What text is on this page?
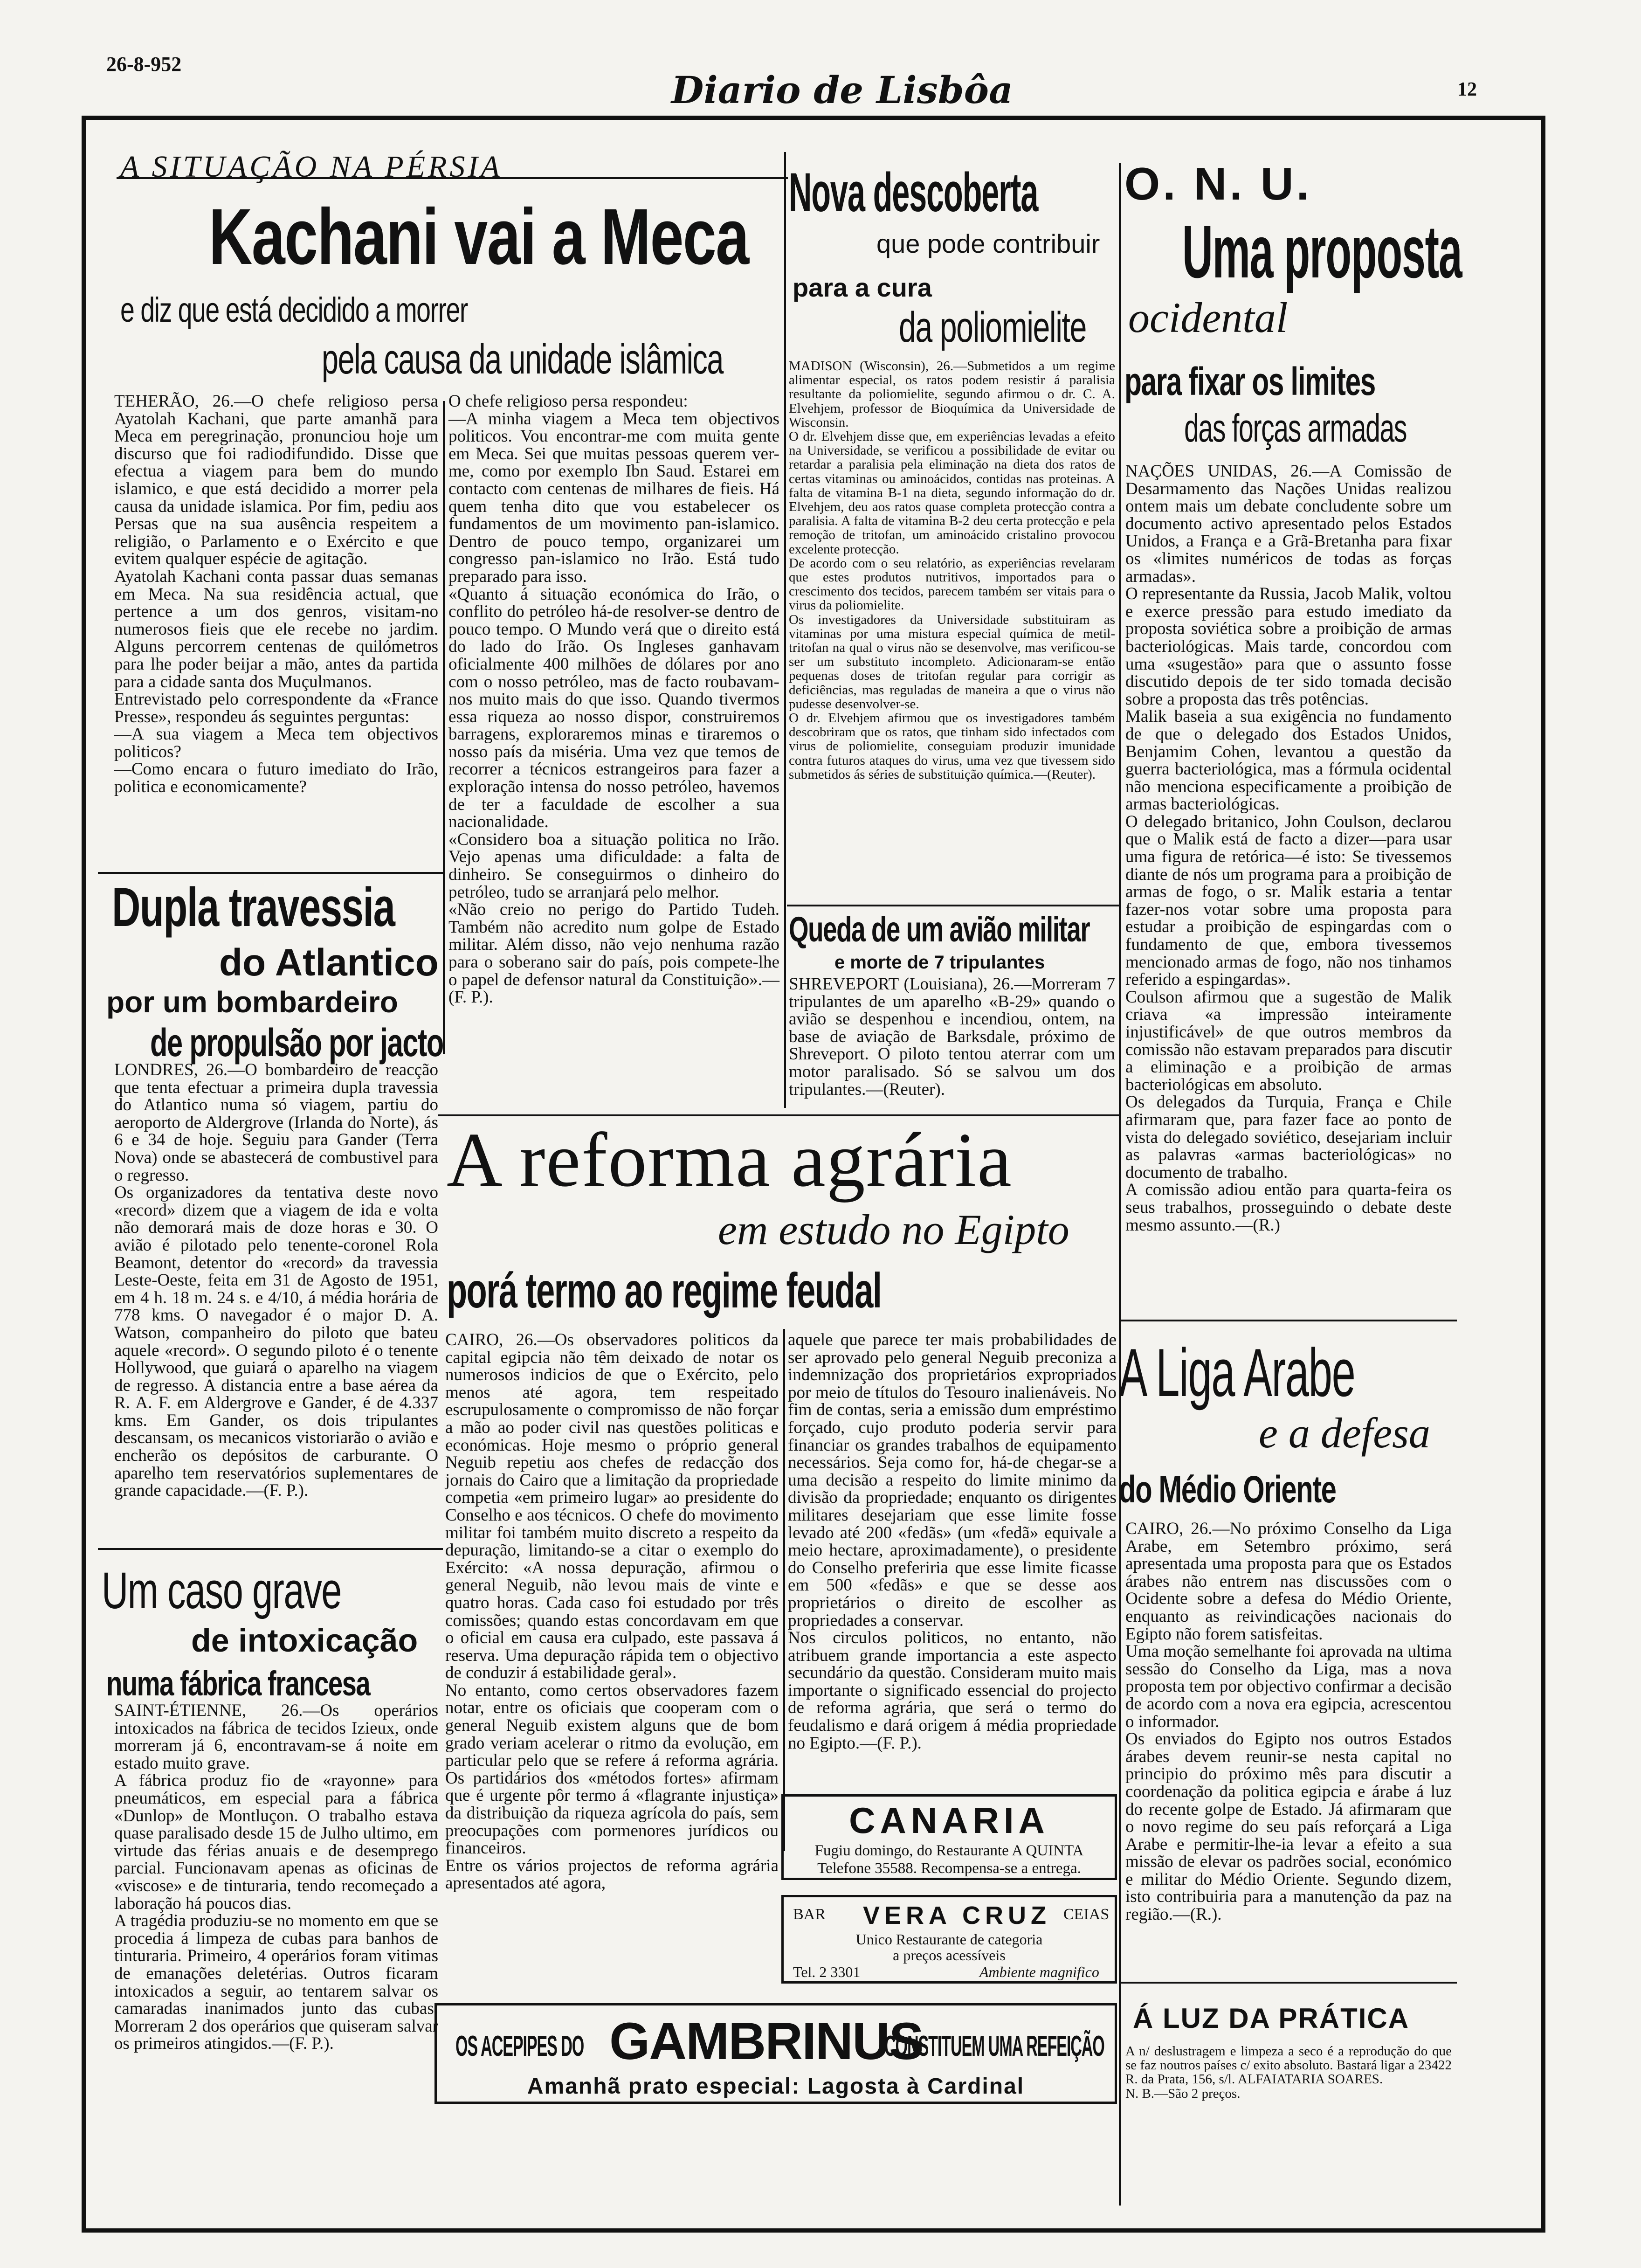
26-8-952
Diario de Lisbôa	12
A SITUAÇÃO NA PÉRSIA
Kachani vai a Meca
e diz que está decidido a morrer
pela causa da unidade islâmica

TEHERÃO, 26.—O chefe religioso persa Ayatolah Kachani, que parte amanhã para Meca em peregrinação, pronunciou hoje um discurso que foi radiodifundido. Disse que efectua a viagem para bem do mundo islamico, e que está decidido a morrer pela causa da unidade islamica. Por fim, pediu aos Persas que na sua ausência respeitem a religião, o Parlamento e o Exército e que evitem qualquer espécie de agitação.
Ayatolah Kachani conta passar duas semanas em Meca. Na sua residência actual, que pertence a um dos genros, visitam-no numerosos fieis que ele recebe no jardim. Alguns percorrem centenas de quilómetros para lhe poder beijar a mão, antes da partida para a cidade santa dos Muçulmanos.
Entrevistado pelo correspondente da «France Presse», respondeu ás seguintes perguntas:
—A sua viagem a Meca tem objectivos politicos?
—Como encara o futuro imediato do Irão, politica e economicamente?

O chefe religioso persa respondeu:
—A minha viagem a Meca tem objectivos politicos. Vou encontrar-me com muita gente em Meca. Sei que muitas pessoas querem ver-me, como por exemplo Ibn Saud. Estarei em contacto com centenas de milhares de fieis. Há quem tenha dito que vou estabelecer os fundamentos de um movimento pan-islamico. Dentro de pouco tempo, organizarei um congresso pan-islamico no Irão. Está tudo preparado para isso.
«Quanto á situação económica do Irão, o conflito do petróleo há-de resolver-se dentro de pouco tempo. O Mundo verá que o direito está do lado do Irão. Os Ingleses ganhavam oficialmente 400 milhões de dólares por ano com o nosso petróleo, mas de facto roubavam-nos muito mais do que isso. Quando tivermos essa riqueza ao nosso dispor, construiremos barragens, exploraremos minas e tiraremos o nosso país da miséria. Uma vez que temos de recorrer a técnicos estrangeiros para fazer a exploração intensa do nosso petróleo, havemos de ter a faculdade de escolher a sua nacionalidade.
«Considero boa a situação politica no Irão. Vejo apenas uma dificuldade: a falta de dinheiro. Se conseguirmos o dinheiro do petróleo, tudo se arranjará pelo melhor.
«Não creio no perigo do Partido Tudeh. Também não acredito num golpe de Estado militar. Além disso, não vejo nenhuma razão para o soberano sair do país, pois compete-lhe o papel de defensor natural da Constituição».—(F. P.).

Dupla travessia
do Atlantico
por um bombardeiro
de propulsão por jacto

LONDRES, 26.—O bombardeiro de reacção que tenta efectuar a primeira dupla travessia do Atlantico numa só viagem, partiu do aeroporto de Aldergrove (Irlanda do Norte), ás 6 e 34 de hoje. Seguiu para Gander (Terra Nova) onde se abastecerá de combustivel para o regresso.
Os organizadores da tentativa deste novo «record» dizem que a viagem de ida e volta não demorará mais de doze horas e 30. O avião é pilotado pelo tenente-coronel Rola Beamont, detentor do «record» da travessia Leste-Oeste, feita em 31 de Agosto de 1951, em 4 h. 18 m. 24 s. e 4/10, á média horária de 778 kms. O navegador é o major D. A. Watson, companheiro do piloto que bateu aquele «record». O segundo piloto é o tenente Hollywood, que guiará o aparelho na viagem de regresso. A distancia entre a base aérea da R. A. F. em Aldergrove e Gander, é de 4.337 kms. Em Gander, os dois tripulantes descansam, os mecanicos vistoriarão o avião e encherão os depósitos de carburante. O aparelho tem reservatórios suplementares de grande capacidade.—(F. P.).

Um caso grave
de intoxicação
numa fábrica francesa

SAINT-ÉTIENNE, 26.—Os operários intoxicados na fábrica de tecidos Izieux, onde morreram já 6, encontravam-se á noite em estado muito grave.
A fábrica produz fio de «rayonne» para pneumáticos, em especial para a fábrica «Dunlop» de Montluçon. O trabalho estava quase paralisado desde 15 de Julho ultimo, em virtude das férias anuais e de desemprego parcial. Funcionavam apenas as oficinas de «viscose» e de tinturaria, tendo recomeçado a laboração há poucos dias.
A tragédia produziu-se no momento em que se procedia á limpeza de cubas para banhos de tinturaria. Primeiro, 4 operários foram vitimas de emanações deletérias. Outros ficaram intoxicados a seguir, ao tentarem salvar os camaradas inanimados junto das cubas. Morreram 2 dos operários que quiseram salvar os primeiros atingidos.—(F. P.).

Nova descoberta
que pode contribuir
para a cura
da poliomielite

MADISON (Wisconsin), 26.—Submetidos a um regime alimentar especial, os ratos podem resistir á paralisia resultante da poliomielite, segundo afirmou o dr. C. A. Elvehjem, professor de Bioquímica da Universidade de Wisconsin.
O dr. Elvehjem disse que, em experiências levadas a efeito na Universidade, se verificou a possibilidade de evitar ou retardar a paralisia pela eliminação na dieta dos ratos de certas vitaminas ou aminoácidos, contidas nas proteinas. A falta de vitamina B-1 na dieta, segundo informação do dr. Elvehjem, deu aos ratos quase completa protecção contra a paralisia. A falta de vitamina B-2 deu certa protecção e pela remoção de tritofan, um aminoácido cristalino provocou excelente protecção.
De acordo com o seu relatório, as experiências revelaram que estes produtos nutritivos, importados para o crescimento dos tecidos, parecem também ser vitais para o virus da poliomielite.
Os investigadores da Universidade substituiram as vitaminas por uma mistura especial química de metil-tritofan na qual o virus não se desenvolve, mas verificou-se ser um substituto incompleto. Adicionaram-se então pequenas doses de tritofan regular para corrigir as deficiências, mas reguladas de maneira a que o virus não pudesse desenvolver-se.
O dr. Elvehjem afirmou que os investigadores também descobriram que os ratos, que tinham sido infectados com virus de poliomielite, conseguiam produzir imunidade contra futuros ataques do virus, uma vez que tivessem sido submetidos ás séries de substituição química.—(Reuter).

Queda de um avião militar
e morte de 7 tripulantes

SHREVEPORT (Louisiana), 26.—Morreram 7 tripulantes de um aparelho «B-29» quando o avião se despenhou e incendiou, ontem, na base de aviação de Barksdale, próximo de Shreveport. O piloto tentou aterrar com um motor paralisado. Só se salvou um dos tripulantes.—(Reuter).

A reforma agrária
em estudo no Egipto
porá termo ao regime feudal

CAIRO, 26.—Os observadores politicos da capital egipcia não têm deixado de notar os numerosos indicios de que o Exército, pelo menos até agora, tem respeitado escrupulosamente o compromisso de não forçar a mão ao poder civil nas questões politicas e económicas. Hoje mesmo o próprio general Neguib repetiu aos chefes de redacção dos jornais do Cairo que a limitação da propriedade competia «em primeiro lugar» ao presidente do Conselho e aos técnicos. O chefe do movimento militar foi também muito discreto a respeito da depuração, limitando-se a citar o exemplo do Exército: «A nossa depuração, afirmou o general Neguib, não levou mais de vinte e quatro horas. Cada caso foi estudado por três comissões; quando estas concordavam em que o oficial em causa era culpado, este passava á reserva. Uma depuração rápida tem o objectivo de conduzir á estabilidade geral».
No entanto, como certos observadores fazem notar, entre os oficiais que cooperam com o general Neguib existem alguns que de bom grado veriam acelerar o ritmo da evolução, em particular pelo que se refere á reforma agrária. Os partidários dos «métodos fortes» afirmam que é urgente pôr termo á «flagrante injustiça» da distribuição da riqueza agrícola do país, sem preocupações com pormenores jurídicos ou financeiros.
Entre os vários projectos de reforma agrária apresentados até agora,

aquele que parece ter mais probabilidades de ser aprovado pelo general Neguib preconiza a indemnização dos proprietários expropriados por meio de títulos do Tesouro inalienáveis. No fim de contas, seria a emissão dum empréstimo forçado, cujo produto poderia servir para financiar os grandes trabalhos de equipamento necessários. Seja como for, há-de chegar-se a uma decisão a respeito do limite minimo da divisão da propriedade; enquanto os dirigentes militares desejariam que esse limite fosse levado até 200 «fedãs» (um «fedã» equivale a meio hectare, aproximadamente), o presidente do Conselho preferiria que esse limite ficasse em 500 «fedãs» e que se desse aos proprietários o direito de escolher as propriedades a conservar.
Nos circulos politicos, no entanto, não atribuem grande importancia a este aspecto secundário da questão. Consideram muito mais importante o significado essencial do projecto de reforma agrária, que será o termo do feudalismo e dará origem á média propriedade no Egipto.—(F. P.).

CANARIA
Fugiu domingo, do Restaurante A QUINTA
Telefone 35588. Recompensa-se a entrega.
BAR VERA CRUZ CEIAS
Unico Restaurante de categoria
a preços acessíveis
Tel. 2 3301	Ambiente magnifico
OS ACEPIPES DO GAMBRINUS
CONSTITUEM UMA REFEIÇÃO
Amanhã prato especial: Lagosta à Cardinal
O. N. U.
Uma proposta
ocidental
para fixar os limites
das forças armadas

NAÇÕES UNIDAS, 26.—A Comissão de Desarmamento das Nações Unidas realizou ontem mais um debate concludente sobre um documento activo apresentado pelos Estados Unidos, a França e a Grã-Bretanha para fixar os «limites numéricos de todas as forças armadas».
O representante da Russia, Jacob Malik, voltou e exerce pressão para estudo imediato da proposta soviética sobre a proibição de armas bacteriológicas. Mais tarde, concordou com uma «sugestão» para que o assunto fosse discutido depois de ter sido tomada decisão sobre a proposta das três potências.
Malik baseia a sua exigência no fundamento de que o delegado dos Estados Unidos, Benjamim Cohen, levantou a questão da guerra bacteriológica, mas a fórmula ocidental não menciona especificamente a proibição de armas bacteriológicas.
O delegado britanico, John Coulson, declarou que o Malik está de facto a dizer—para usar uma figura de retórica—é isto: Se tivessemos diante de nós um programa para a proibição de armas de fogo, o sr. Malik estaria a tentar fazer-nos votar sobre uma proposta para estudar a proibição de espingardas com o fundamento de que, embora tivessemos mencionado armas de fogo, não nos tinhamos referido a espingardas».
Coulson afirmou que a sugestão de Malik criava «a impressão inteiramente injustificável» de que outros membros da comissão não estavam preparados para discutir a eliminação e a proibição de armas bacteriológicas em absoluto.
Os delegados da Turquia, França e Chile afirmaram que, para fazer face ao ponto de vista do delegado soviético, desejariam incluir as palavras «armas bacteriológicas» no documento de trabalho.
A comissão adiou então para quarta-feira os seus trabalhos, prosseguindo o debate deste mesmo assunto.—(R.)

A Liga Arabe
e a defesa
do Médio Oriente

CAIRO, 26.—No próximo Conselho da Liga Arabe, em Setembro próximo, será apresentada uma proposta para que os Estados árabes não entrem nas discussões com o Ocidente sobre a defesa do Médio Oriente, enquanto as reivindicações nacionais do Egipto não forem satisfeitas.
Uma moção semelhante foi aprovada na ultima sessão do Conselho da Liga, mas a nova proposta tem por objectivo confirmar a decisão de acordo com a nova era egipcia, acrescentou o informador.
Os enviados do Egipto nos outros Estados árabes devem reunir-se nesta capital no principio do próximo mês para discutir a coordenação da politica egipcia e árabe á luz do recente golpe de Estado. Já afirmaram que o novo regime do seu país reforçará a Liga Arabe e permitir-lhe-ia levar a efeito a sua missão de elevar os padrões social, económico e militar do Médio Oriente. Segundo dizem, isto contribuiria para a manutenção da paz na região.—(R.).

Á LUZ DA PRÁTICA

A n/ deslustragem e limpeza a seco é a reprodução do que se faz noutros países c/ exito absoluto. Bastará ligar a 23422 R. da Prata, 156, s/l. ALFAIATARIA SOARES.
N. B.—São 2 preços.
